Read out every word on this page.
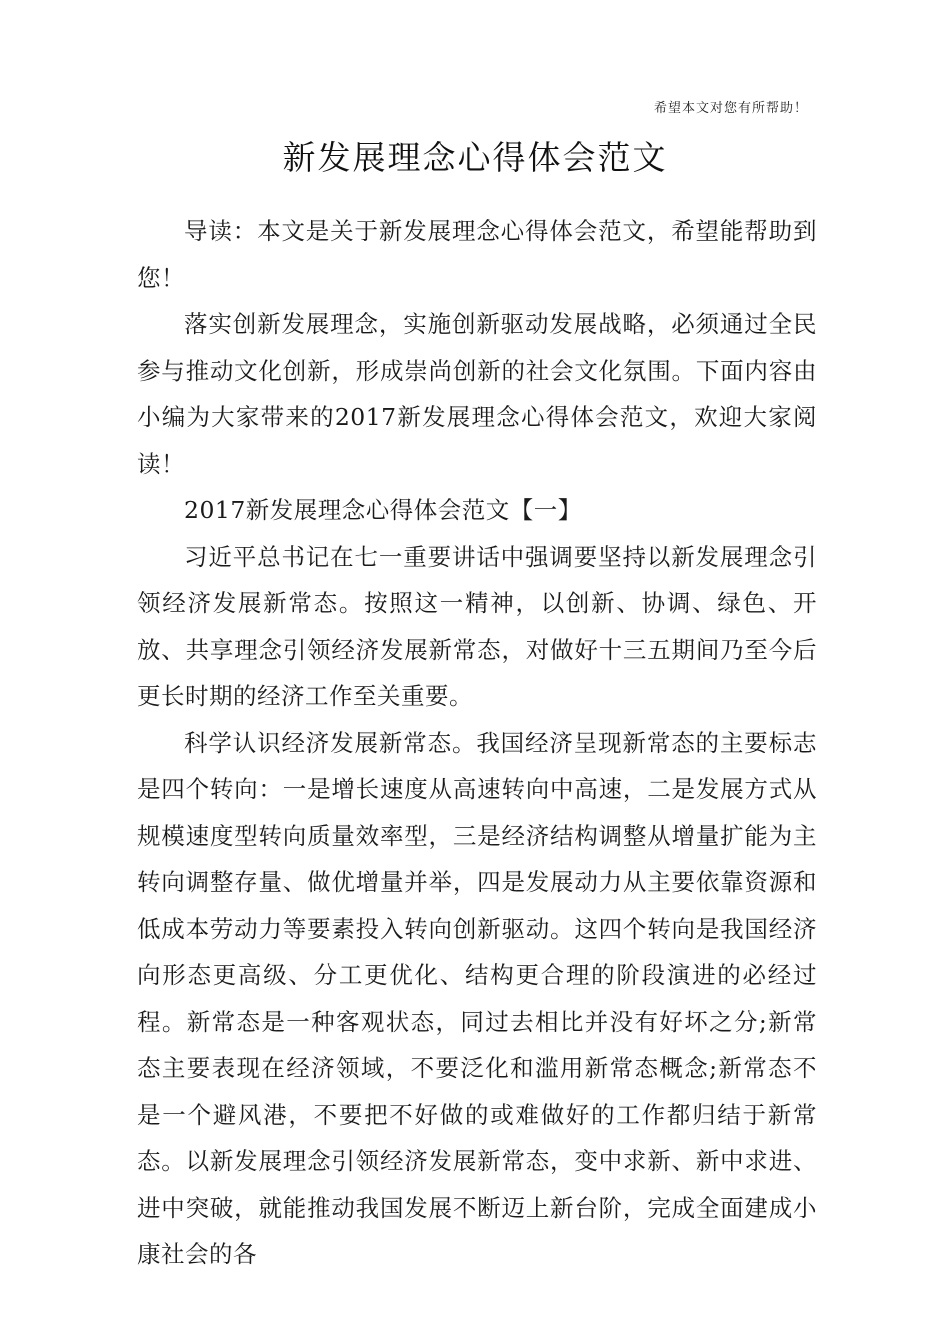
希望本文对您有所帮助！
新发展理念心得体会范文

导读：本文是关于新发展理念心得体会范文，希望能帮助到您！

落实创新发展理念，实施创新驱动发展战略，必须通过全民参与推动文化创新，形成崇尚创新的社会文化氛围。下面内容由小编为大家带来的2017新发展理念心得体会范文，欢迎大家阅读！

2017新发展理念心得体会范文【一】

习近平总书记在七一重要讲话中强调要坚持以新发展理念引领经济发展新常态。按照这一精神，以创新、协调、绿色、开放、共享理念引领经济发展新常态，对做好十三五期间乃至今后更长时期的经济工作至关重要。

科学认识经济发展新常态。我国经济呈现新常态的主要标志是四个转向：一是增长速度从高速转向中高速，二是发展方式从规模速度型转向质量效率型，三是经济结构调整从增量扩能为主转向调整存量、做优增量并举，四是发展动力从主要依靠资源和低成本劳动力等要素投入转向创新驱动。这四个转向是我国经济向形态更高级、分工更优化、结构更合理的阶段演进的必经过程。新常态是一种客观状态，同过去相比并没有好坏之分;新常态主要表现在经济领域，不要泛化和滥用新常态概念;新常态不是一个避风港，不要把不好做的或难做好的工作都归结于新常态。以新发展理念引领经济发展新常态，变中求新、新中求进、进中突破，就能推动我国发展不断迈上新台阶，完成全面建成小康社会的各
